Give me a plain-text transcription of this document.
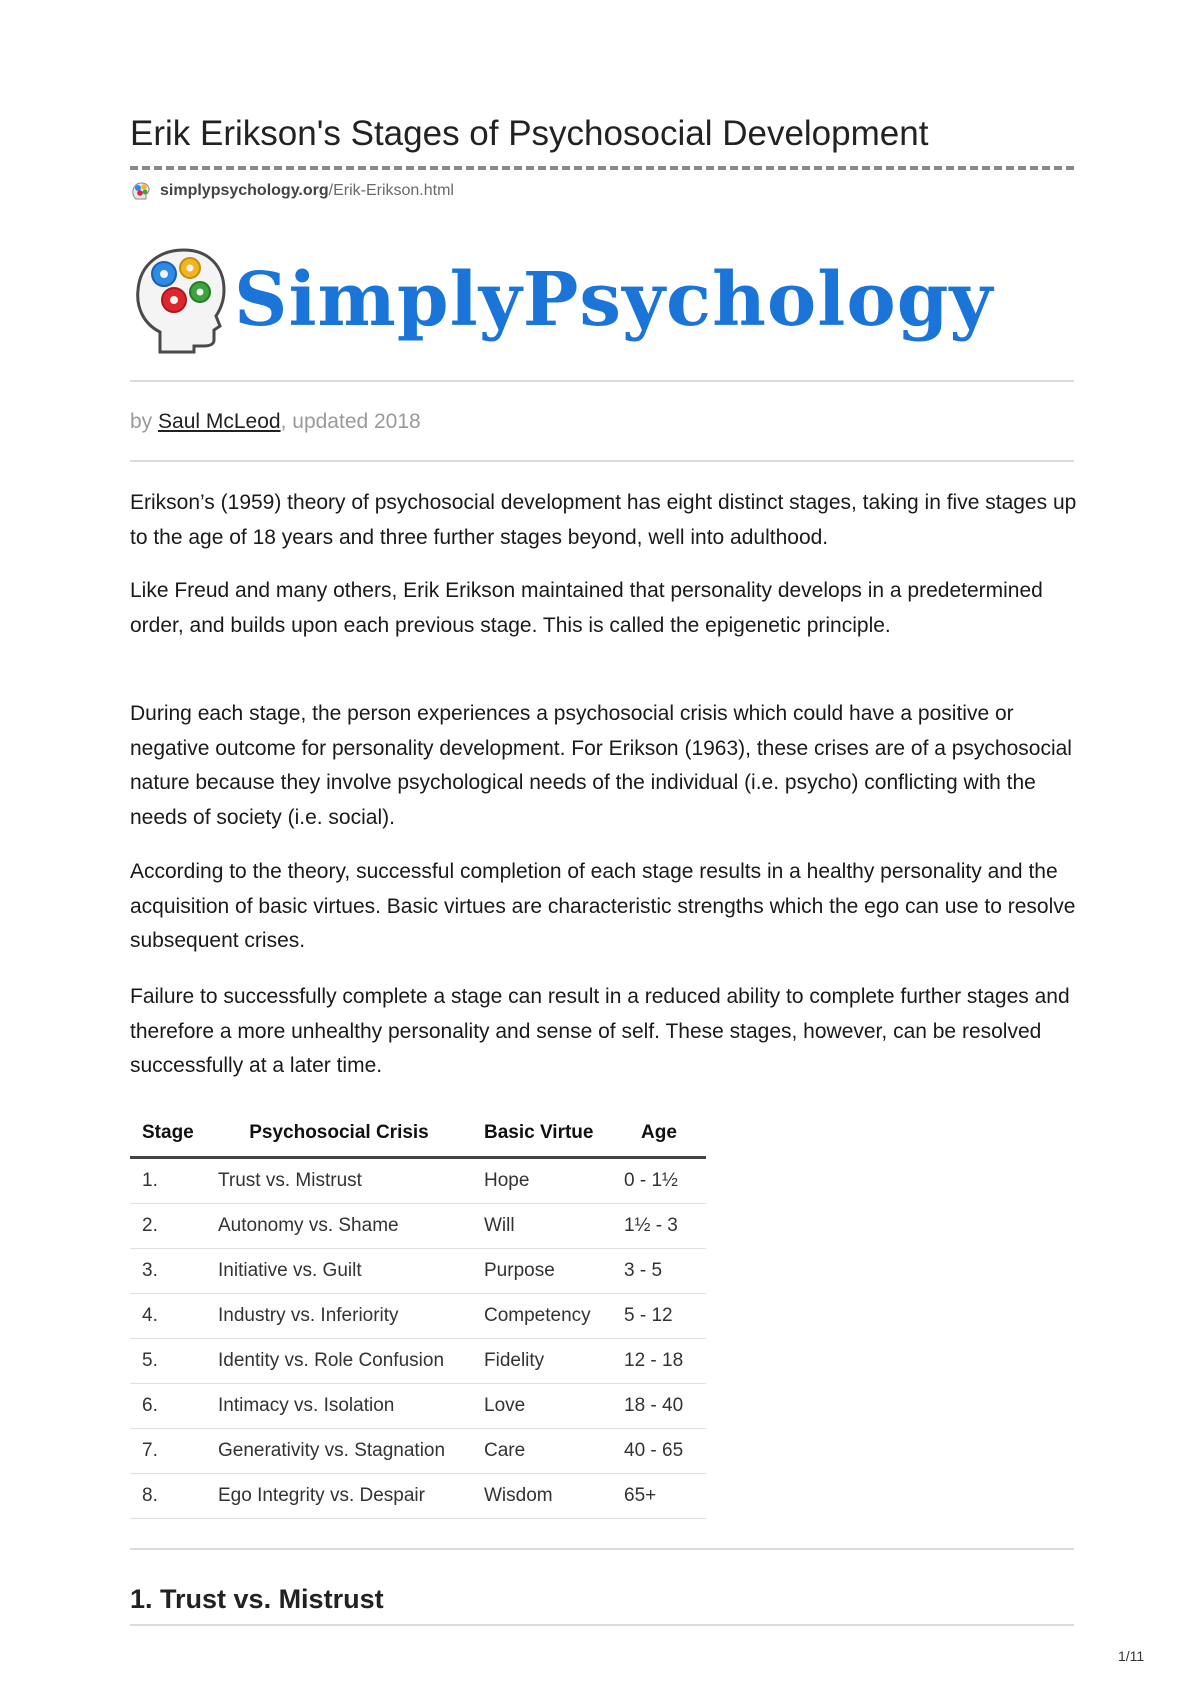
Erik Erikson's Stages of Psychosocial Development
simplypsychology.org /Erik-Erikson.html
SimplyPsychology
by Saul McLeod, updated 2018

Erikson’s (1959) theory of psychosocial development has eight distinct stages, taking in five stages up to the age of 18 years and three further stages beyond, well into adulthood.

Like Freud and many others, Erik Erikson maintained that personality develops in a predetermined order, and builds upon each previous stage. This is called the epigenetic principle.

During each stage, the person experiences a psychosocial crisis which could have a positive or negative outcome for personality development. For Erikson (1963), these crises are of a psychosocial nature because they involve psychological needs of the individual (i.e. psycho) conflicting with the needs of society (i.e. social).

According to the theory, successful completion of each stage results in a healthy personality and the acquisition of basic virtues. Basic virtues are characteristic strengths which the ego can use to resolve subsequent crises.

Failure to successfully complete a stage can result in a reduced ability to complete further stages and therefore a more unhealthy personality and sense of self. These stages, however, can be resolved successfully at a later time.

Stage	Psychosocial Crisis	Basic Virtue	Age
1.	Trust vs. Mistrust	Hope	0 - 1½
2.	Autonomy vs. Shame	Will	1½ - 3
3.	Initiative vs. Guilt	Purpose	3 - 5
4.	Industry vs. Inferiority	Competency	5 - 12
5.	Identity vs. Role Confusion	Fidelity	12 - 18
6.	Intimacy vs. Isolation	Love	18 - 40
7.	Generativity vs. Stagnation	Care	40 - 65
8.	Ego Integrity vs. Despair	Wisdom	65+
1. Trust vs. Mistrust
1/11
